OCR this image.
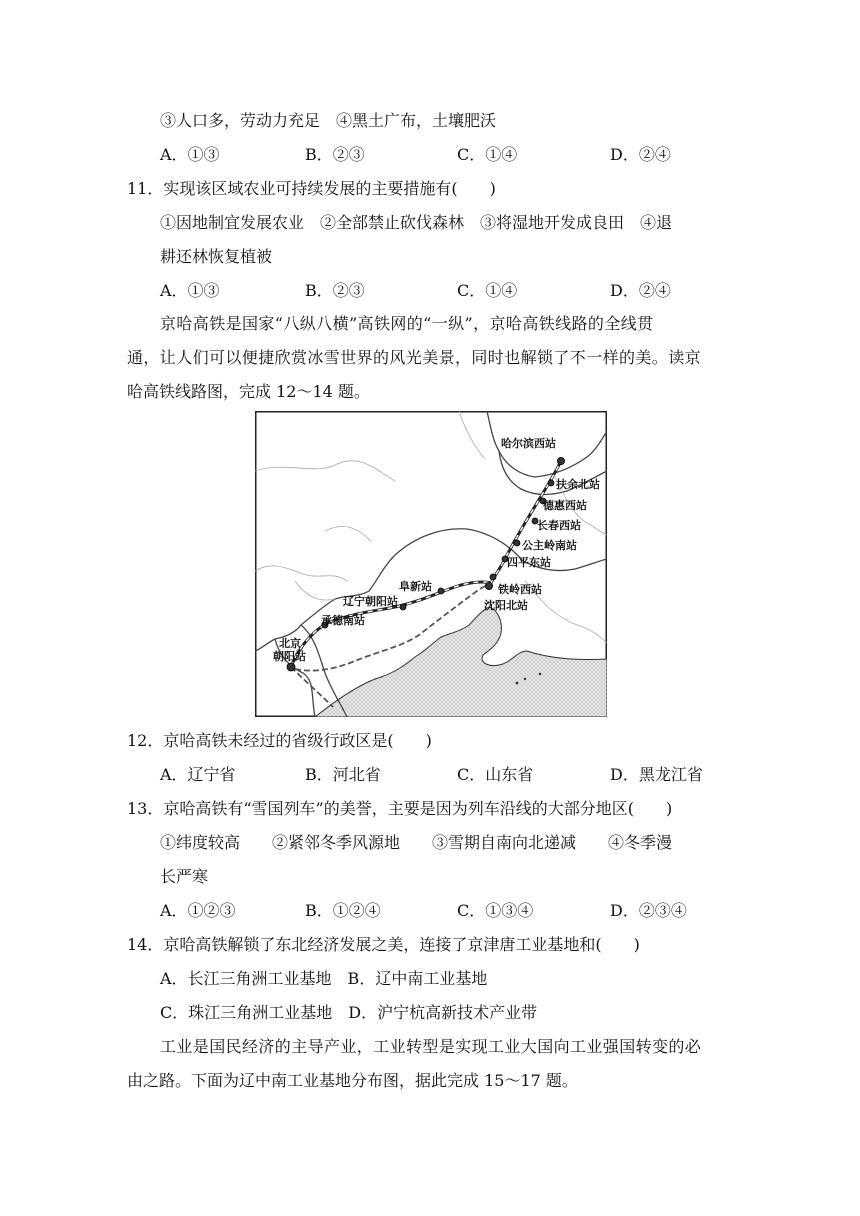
③人口多，劳动力充足　④黑土广布，土壤肥沃
A．①③	B．②③	C．①④	D．②④
11．实现该区域农业可持续发展的主要措施有(　　)
①因地制宜发展农业　②全部禁止砍伐森林　③将湿地开发成良田　④退
耕还林恢复植被
A．①③	B．②③	C．①④	D．②④
京哈高铁是国家“八纵八横”高铁网的“一纵”，京哈高铁线路的全线贯
通，让人们可以便捷欣赏冰雪世界的风光美景，同时也解锁了不一样的美。读京
哈高铁线路图，完成 12～14 题。
哈尔滨西站
扶余北站
德惠西站
长春西站
公主岭南站
四平东站
铁岭西站
沈阳北站
阜新站
辽宁朝阳站
承德南站
北京
朝阳站
12．京哈高铁未经过的省级行政区是(　　)
A．辽宁省	B．河北省	C．山东省	D．黑龙江省
13．京哈高铁有“雪国列车”的美誉，主要是因为列车沿线的大部分地区(　　)
①纬度较高　　②紧邻冬季风源地　　③雪期自南向北递减　　④冬季漫
长严寒
A．①②③	B．①②④	C．①③④	D．②③④
14．京哈高铁解锁了东北经济发展之美，连接了京津唐工业基地和(　　)
A．长江三角洲工业基地　B．辽中南工业基地
C．珠江三角洲工业基地　D．沪宁杭高新技术产业带
工业是国民经济的主导产业，工业转型是实现工业大国向工业强国转变的必
由之路。下面为辽中南工业基地分布图，据此完成 15～17 题。
